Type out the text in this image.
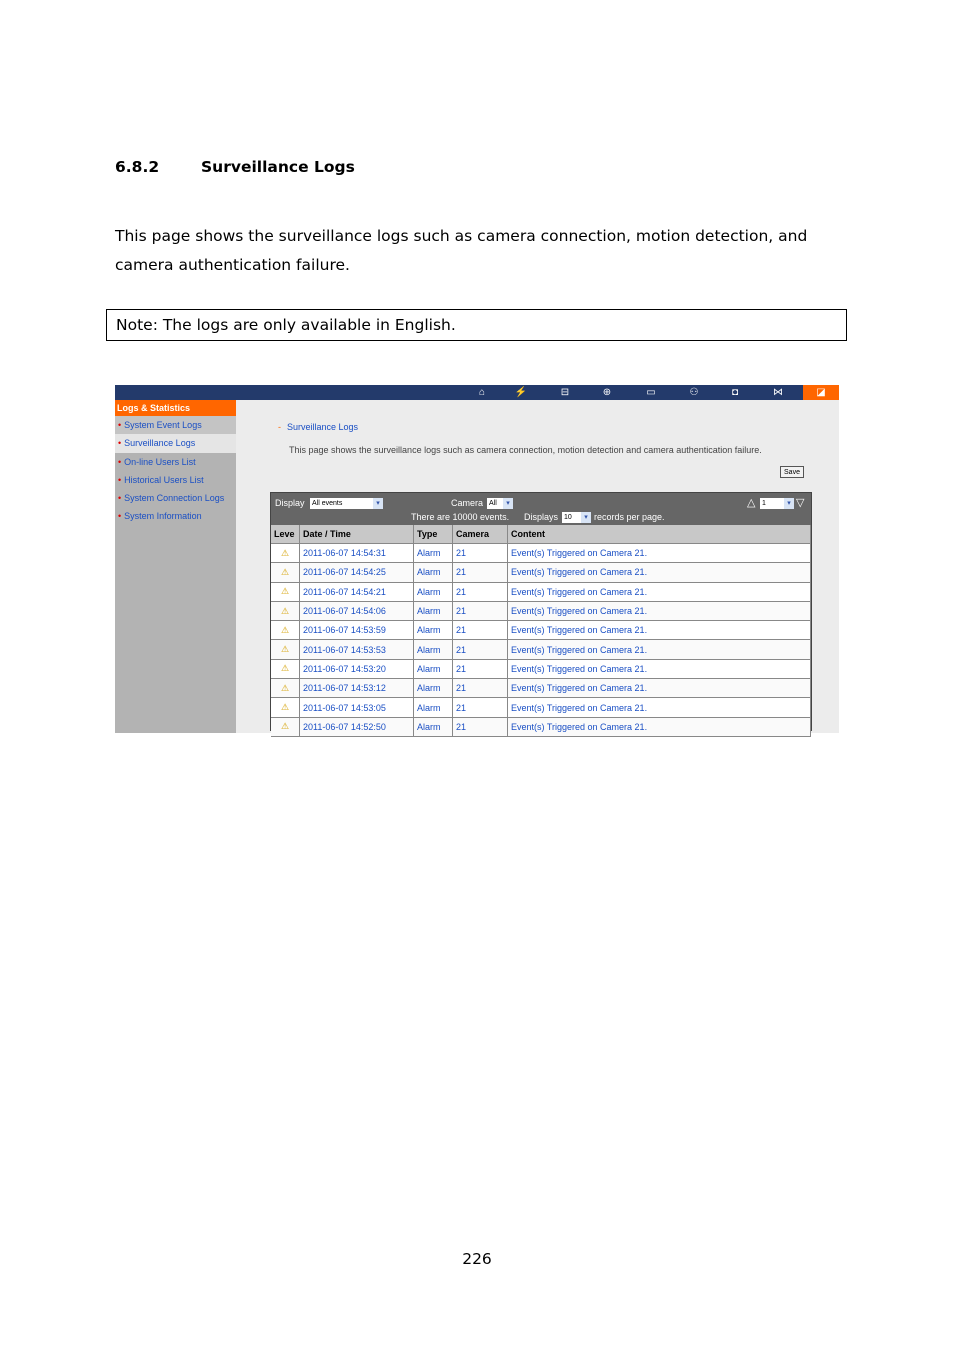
6.8.2	Surveillance Logs
This page shows the surveillance logs such as camera connection, motion detection, and camera authentication failure.
Note: The logs are only available in English.
⌂	⚡	⊟	⊕	▭	⚇	◘	⋈	◪
Logs & Statistics
• System Event Logs
• Surveillance Logs
• On-line Users List
• Historical Users List
• System Connection Logs
• System Information
- Surveillance Logs
This page shows the surveillance logs such as camera connection, motion detection and camera authentication failure.
Save
Display All events	▾	Camera All	▾	△ 1	▾ ▽
There are 10000 events. Displays 10	▾ records per page.
Leve	Date / Time	Type	Camera	Content
⚠	2011-06-07 14:54:31	Alarm	21	Event(s) Triggered on Camera 21.
⚠	2011-06-07 14:54:25	Alarm	21	Event(s) Triggered on Camera 21.
⚠	2011-06-07 14:54:21	Alarm	21	Event(s) Triggered on Camera 21.
⚠	2011-06-07 14:54:06	Alarm	21	Event(s) Triggered on Camera 21.
⚠	2011-06-07 14:53:59	Alarm	21	Event(s) Triggered on Camera 21.
⚠	2011-06-07 14:53:53	Alarm	21	Event(s) Triggered on Camera 21.
⚠	2011-06-07 14:53:20	Alarm	21	Event(s) Triggered on Camera 21.
⚠	2011-06-07 14:53:12	Alarm	21	Event(s) Triggered on Camera 21.
⚠	2011-06-07 14:53:05	Alarm	21	Event(s) Triggered on Camera 21.
⚠	2011-06-07 14:52:50	Alarm	21	Event(s) Triggered on Camera 21.
226
